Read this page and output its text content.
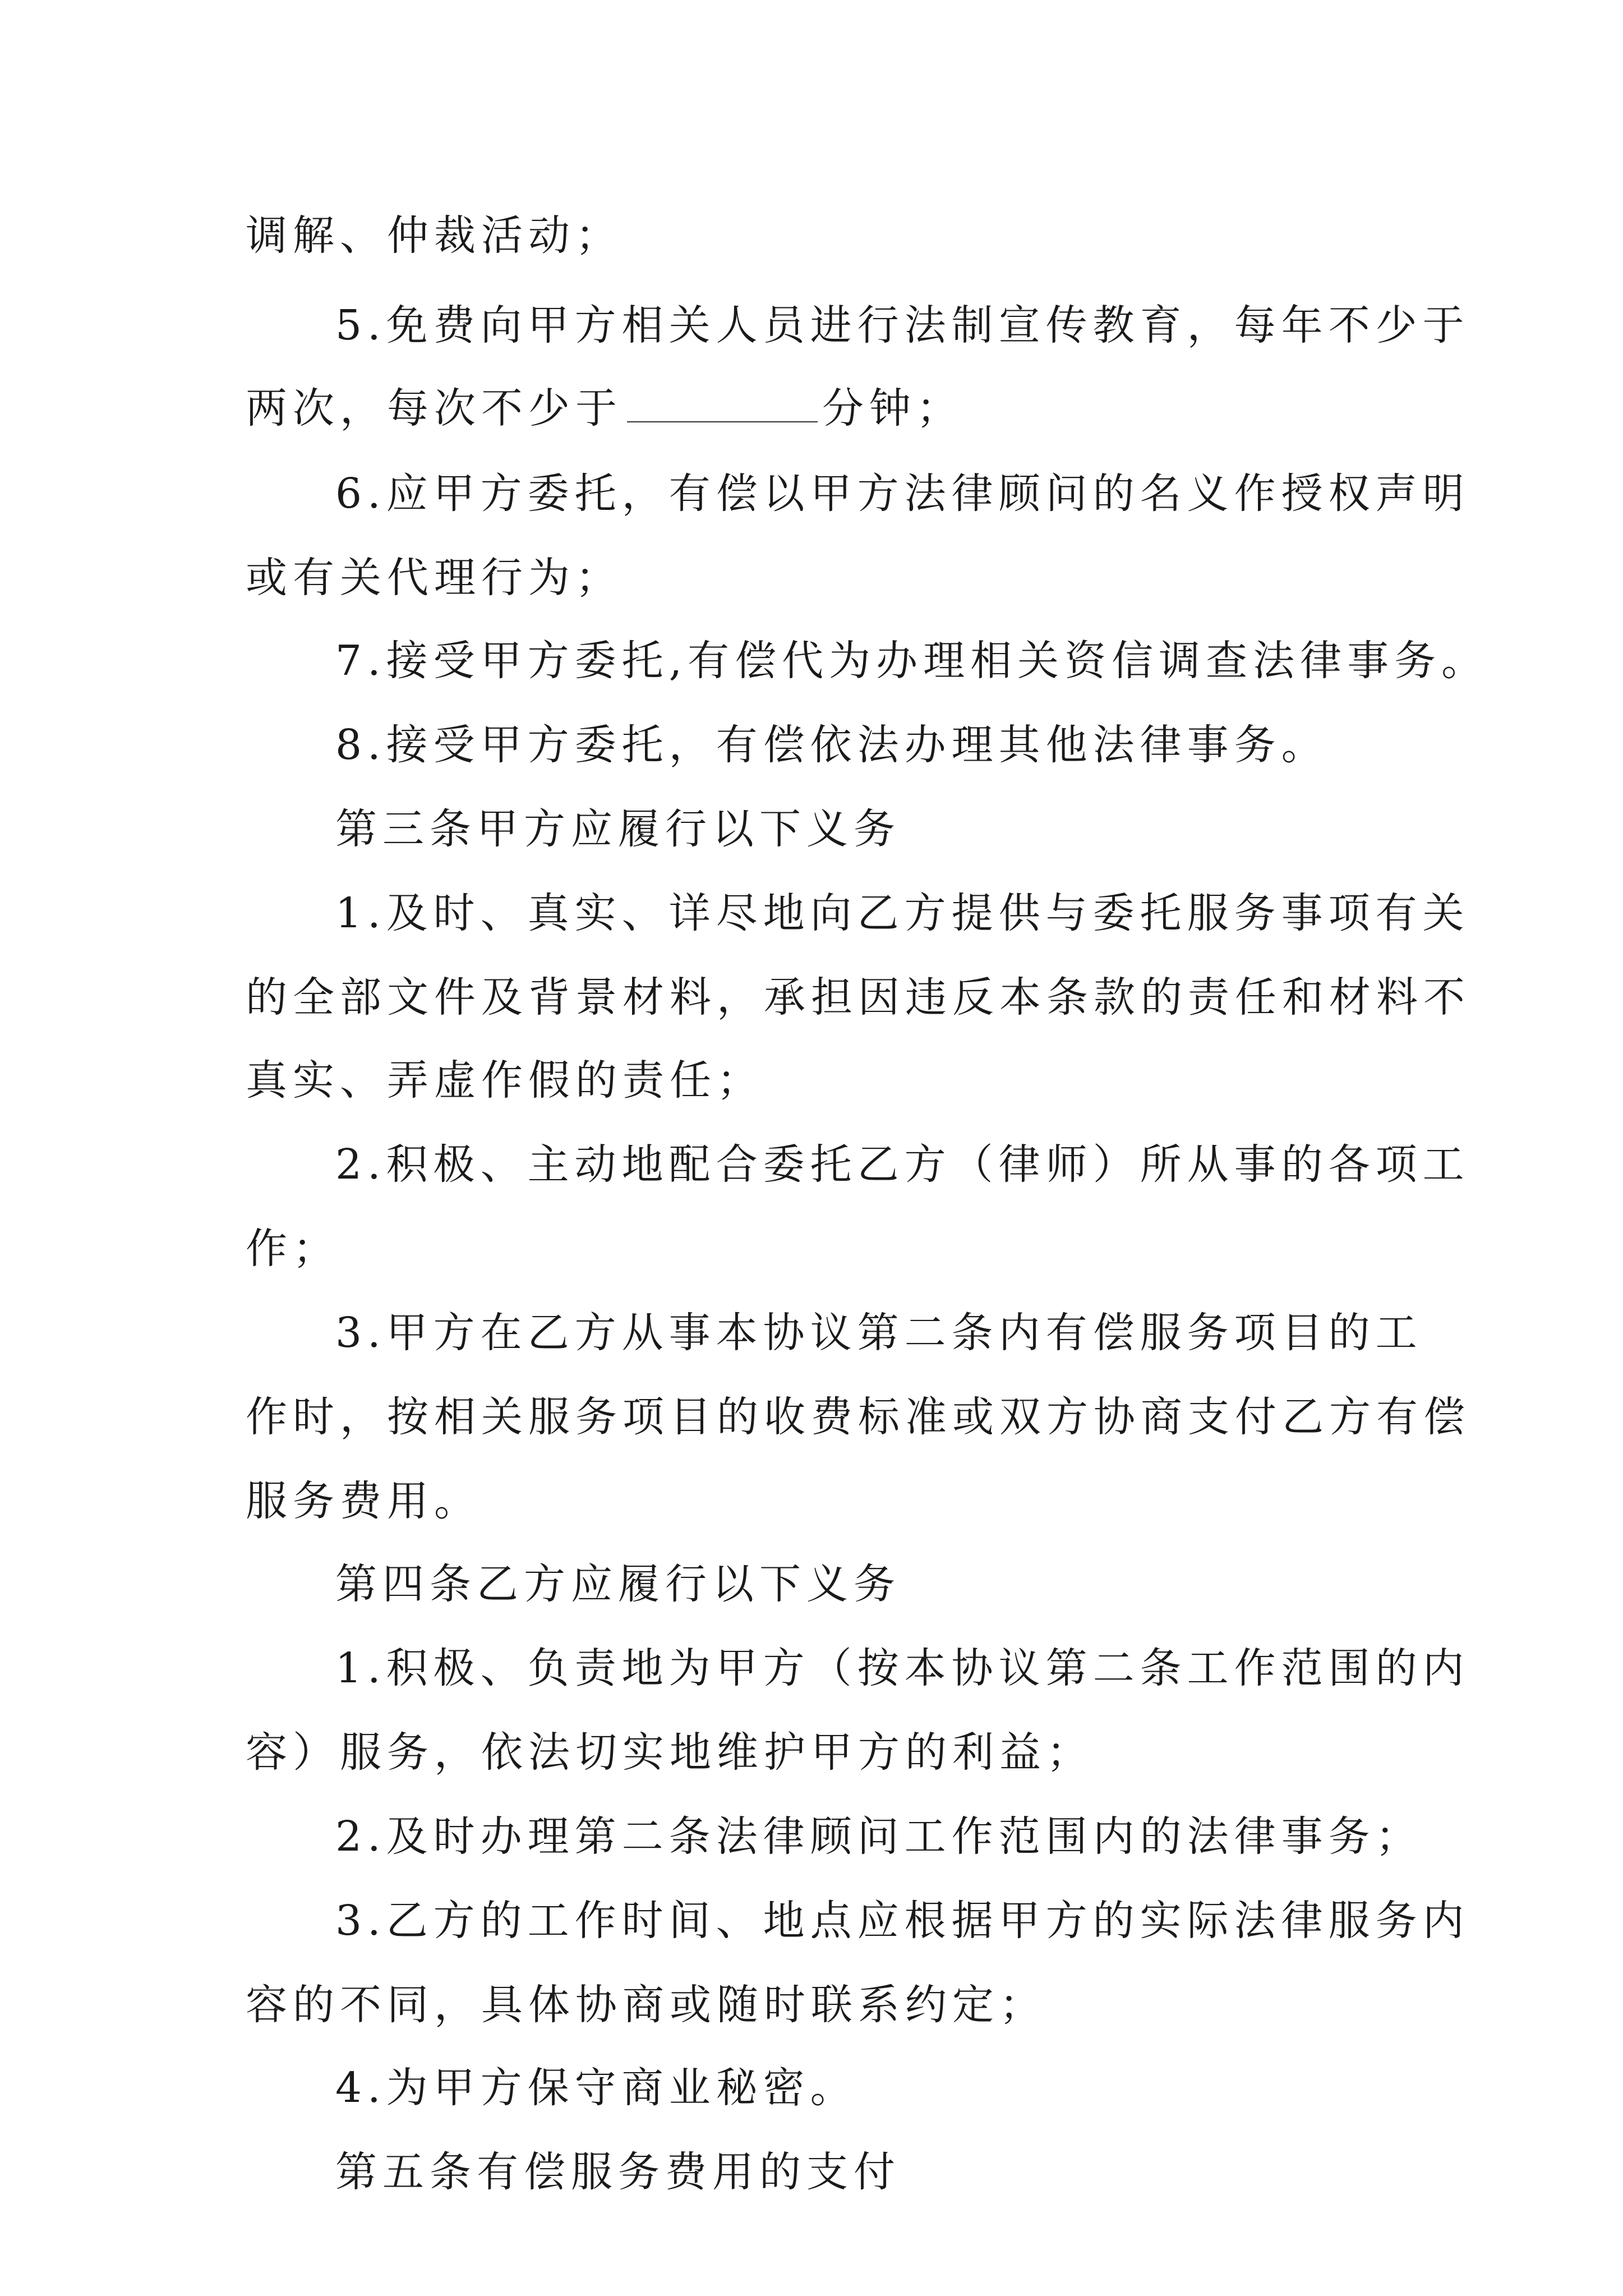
调解、仲裁活动；
5.免费向甲方相关人员进行法制宣传教育，每年不少于
两次，每次不少于	分钟；
6.应甲方委托，有偿以甲方法律顾问的名义作授权声明
或有关代理行为；
7.接受甲方委托,有偿代为办理相关资信调查法律事务。
8.接受甲方委托，有偿依法办理其他法律事务。
第三条甲方应履行以下义务
1.及时、真实、详尽地向乙方提供与委托服务事项有关
的全部文件及背景材料，承担因违反本条款的责任和材料不
真实、弄虚作假的责任；
2.积极、主动地配合委托乙方（律师）所从事的各项工
作；
3.甲方在乙方从事本协议第二条内有偿服务项目的工
作时，按相关服务项目的收费标准或双方协商支付乙方有偿
服务费用。
第四条乙方应履行以下义务
1.积极、负责地为甲方（按本协议第二条工作范围的内
容）服务，依法切实地维护甲方的利益；
2.及时办理第二条法律顾问工作范围内的法律事务；
3.乙方的工作时间、地点应根据甲方的实际法律服务内
容的不同，具体协商或随时联系约定；
4.为甲方保守商业秘密。
第五条有偿服务费用的支付
